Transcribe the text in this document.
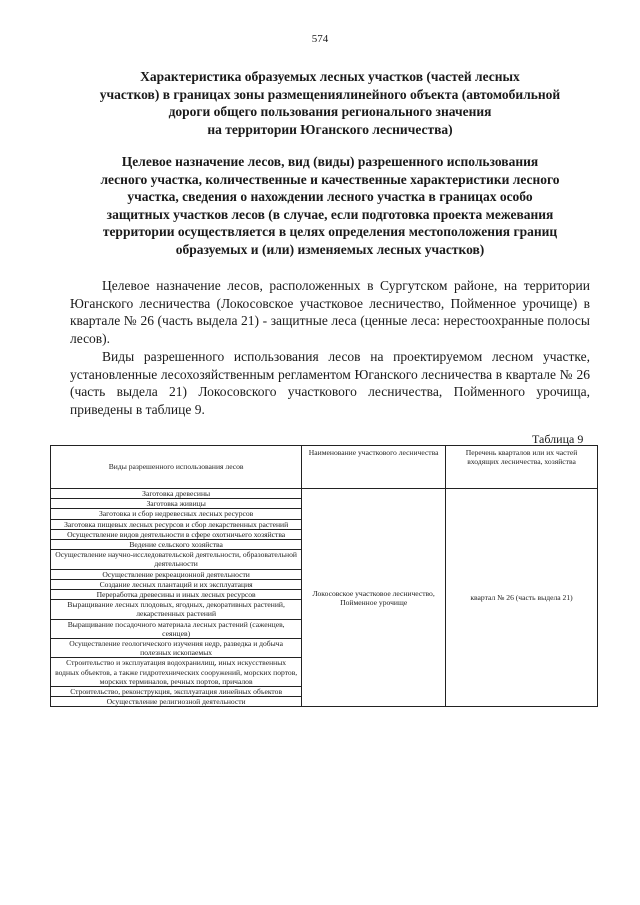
574
Характеристика образуемых лесных участков (частей лесных
участков) в границах зоны размещениялинейного объекта (автомобильной
дороги общего пользования регионального значения
на территории Юганского лесничества)
Целевое назначение лесов, вид (виды) разрешенного использования
лесного участка, количественные и качественные характеристики лесного
участка, сведения о нахождении лесного участка в границах особо
защитных участков лесов (в случае, если подготовка проекта межевания
территории осуществляется в целях определения местоположения границ
образуемых и (или) изменяемых лесных участков)
Целевое назначение лесов, расположенных в Сургутском районе, на территории Юганского лесничества (Локосовское участковое лесничество, Пойменное урочище) в квартале № 26 (часть выдела 21) - защитные леса (ценные леса: нерестоохранные полосы лесов).
Виды разрешенного использования лесов на проектируемом лесном участке, установленные лесохозяйственным регламентом Юганского лесничества в квартале № 26 (часть выдела 21) Локосовского участкового лесничества, Пойменного урочища, приведены в таблице 9.
Таблица 9
Виды разрешенного использования лесов	Наименование участкового лесничества	Перечень кварталов или их частей входящих лесничества, хозяйства
Заготовка древесины	Локосовское участковое лесничество, Пойменное урочище	квартал № 26 (часть выдела 21)
Заготовка живицы		
Заготовка и сбор недревесных лесных ресурсов		
Заготовка пищевых лесных ресурсов и сбор лекарственных растений		
Осуществление видов деятельности в сфере охотничьего хозяйства		
Ведение сельского хозяйства		
Осуществление научно-исследовательской деятельности, образовательной деятельности		
Осуществление рекреационной деятельности		
Создание лесных плантаций и их эксплуатация		
Переработка древесины и иных лесных ресурсов		
Выращивание лесных плодовых, ягодных, декоративных растений, лекарственных растений		
Выращивание посадочного материала лесных растений (саженцев, сеянцев)		
Осуществление геологического изучения недр, разведка и добыча полезных ископаемых		
Строительство и эксплуатация водохранилищ, иных искусственных водных объектов, а также гидротехнических сооружений, морских портов, морских терминалов, речных портов, причалов		
Строительство, реконструкция, эксплуатация линейных объектов		
Осуществление религиозной деятельности		
